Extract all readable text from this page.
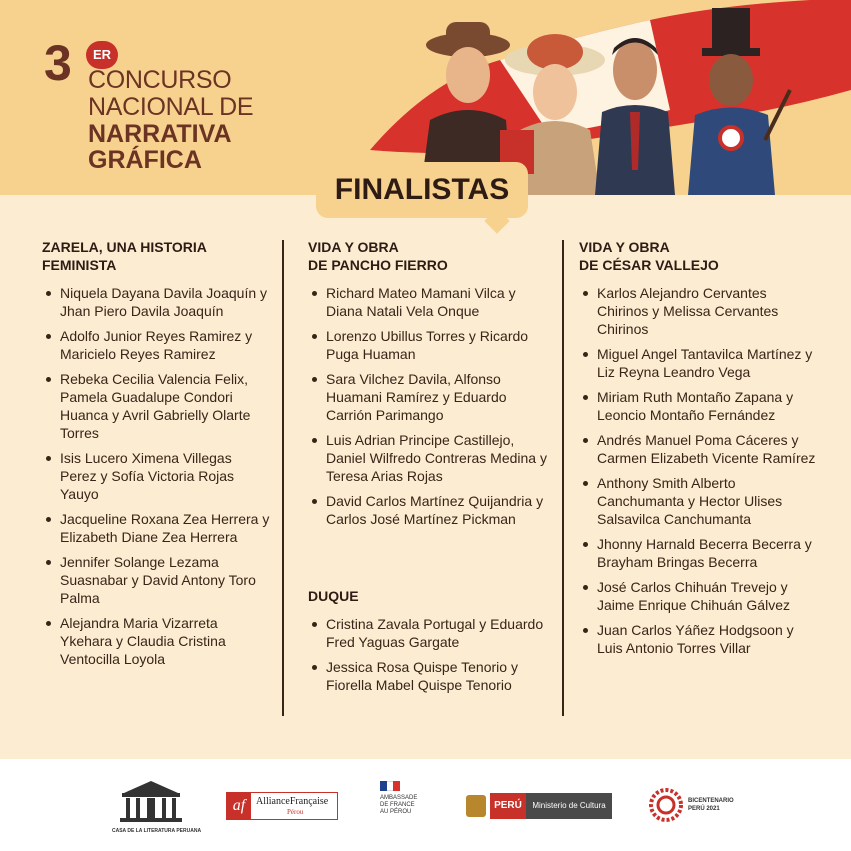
3	ER
CONCURSO
NACIONAL DE
NARRATIVA
GRÁFICA
FINALISTAS
ZARELA, UNA HISTORIA
FEMINISTA
Niquela Dayana Davila Joaquín y Jhan Piero Davila Joaquín
Adolfo Junior Reyes Ramirez y Maricielo Reyes Ramirez
Rebeka Cecilia Valencia Felix, Pamela Guadalupe Condori Huanca y Avril Gabrielly Olarte Torres
Isis Lucero Ximena Villegas Perez y Sofía Victoria Rojas Yauyo
Jacqueline Roxana Zea Herrera y Elizabeth Diane Zea Herrera
Jennifer Solange Lezama Suasnabar y David Antony Toro Palma
Alejandra Maria Vizarreta Ykehara y Claudia Cristina Ventocilla Loyola
VIDA Y OBRA
DE PANCHO FIERRO
Richard Mateo Mamani Vilca y Diana Natali Vela Onque
Lorenzo Ubillus Torres y Ricardo Puga Huaman
Sara Vilchez Davila, Alfonso Huamani Ramírez y Eduardo Carrión Parimango
Luis Adrian Principe Castillejo, Daniel Wilfredo Contreras Medina y Teresa Arias Rojas
David Carlos Martínez Quijandria y Carlos José Martínez Pickman
DUQUE
Cristina Zavala Portugal y Eduardo Fred Yaguas Gargate
Jessica Rosa Quispe Tenorio y Fiorella Mabel Quispe Tenorio
VIDA Y OBRA
DE CÉSAR VALLEJO
Karlos Alejandro Cervantes Chirinos y Melissa Cervantes Chirinos
Miguel Angel Tantavilca Martínez y Liz Reyna Leandro Vega
Miriam Ruth Montaño Zapana y Leoncio Montaño Fernández
Andrés Manuel Poma Cáceres y Carmen Elizabeth Vicente Ramírez
Anthony Smith Alberto Canchumanta y Hector Ulises Salsavilca Canchumanta
Jhonny Harnald Becerra Becerra y Brayham Bringas Becerra
José Carlos Chihuán Trevejo y Jaime Enrique Chihuán Gálvez
Juan Carlos Yáñez Hodgsoon y Luis Antonio Torres Villar
CASA DE LA LITERATURA PERUANA
af	AllianceFrançaise
Pérou
AMBASSADE
DE FRANCE
AU PÉROU
PERÚ	Ministerio de Cultura	BICENTENARIO
PERÚ 2021
